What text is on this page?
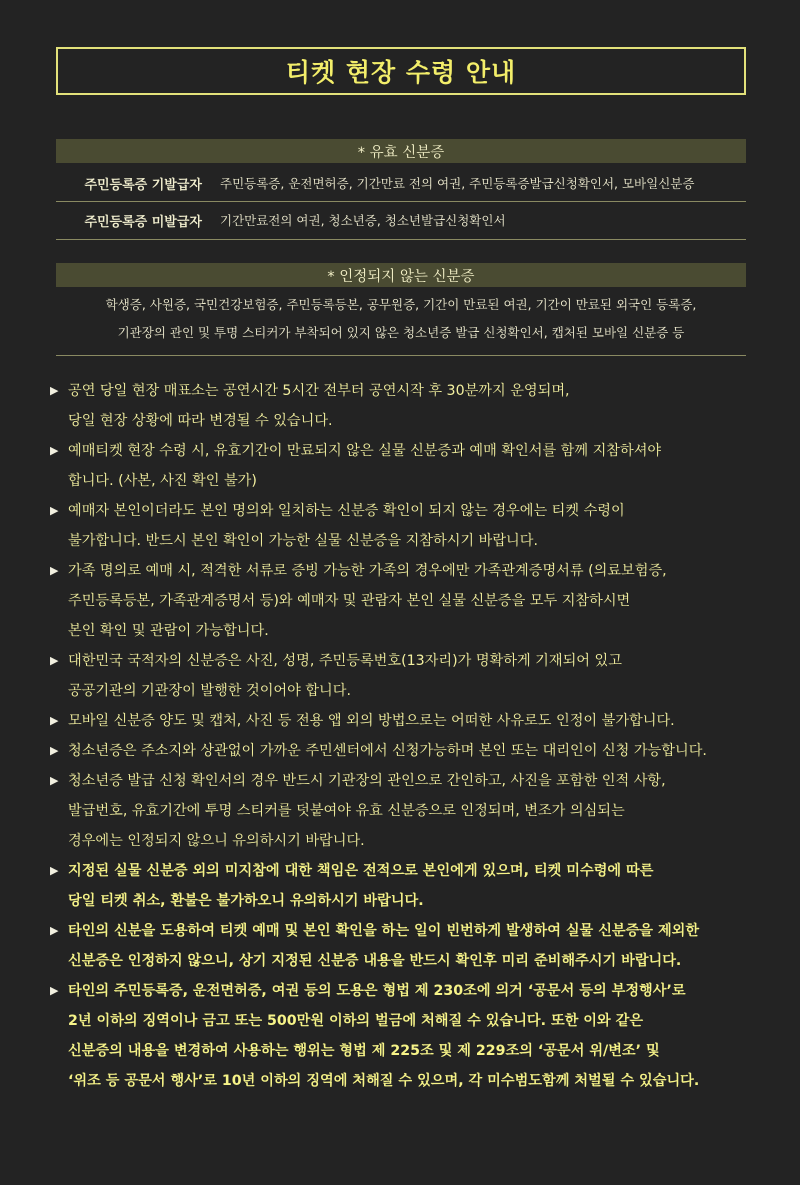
티켓 현장 수령 안내
* 유효 신분증
주민등록증 기발급자	주민등록증, 운전면허증, 기간만료 전의 여권, 주민등록증발급신청확인서, 모바일신분증
주민등록증 미발급자	기간만료전의 여권, 청소년증, 청소년발급신청확인서
* 인정되지 않는 신분증
학생증, 사원증, 국민건강보험증, 주민등록등본, 공무원증, 기간이 만료된 여권, 기간이 만료된 외국인 등록증,
기관장의 관인 및 투명 스티커가 부착되어 있지 않은 청소년증 발급 신청확인서, 캡처된 모바일 신분증 등
▶ 공연 당일 현장 매표소는 공연시간 5시간 전부터 공연시작 후 30분까지 운영되며,
당일 현장 상황에 따라 변경될 수 있습니다.
▶ 예매티켓 현장 수령 시, 유효기간이 만료되지 않은 실물 신분증과 예매 확인서를 함께 지참하셔야
합니다. (사본, 사진 확인 불가)
▶ 예매자 본인이더라도 본인 명의와 일치하는 신분증 확인이 되지 않는 경우에는 티켓 수령이
불가합니다. 반드시 본인 확인이 가능한 실물 신분증을 지참하시기 바랍니다.
▶ 가족 명의로 예매 시, 적격한 서류로 증빙 가능한 가족의 경우에만 가족관계증명서류 (의료보험증,
주민등록등본, 가족관계증명서 등)와 예매자 및 관람자 본인 실물 신분증을 모두 지참하시면
본인 확인 및 관람이 가능합니다.
▶ 대한민국 국적자의 신분증은 사진, 성명, 주민등록번호(13자리)가 명확하게 기재되어 있고
공공기관의 기관장이 발행한 것이어야 합니다.
▶ 모바일 신분증 양도 및 캡처, 사진 등 전용 앱 외의 방법으로는 어떠한 사유로도 인정이 불가합니다.
▶ 청소년증은 주소지와 상관없이 가까운 주민센터에서 신청가능하며 본인 또는 대리인이 신청 가능합니다.
▶ 청소년증 발급 신청 확인서의 경우 반드시 기관장의 관인으로 간인하고, 사진을 포함한 인적 사항,
발급번호, 유효기간에 투명 스티커를 덧붙여야 유효 신분증으로 인정되며, 변조가 의심되는
경우에는 인정되지 않으니 유의하시기 바랍니다.
▶ 지정된 실물 신분증 외의 미지참에 대한 책임은 전적으로 본인에게 있으며, 티켓 미수령에 따른
당일 티켓 취소, 환불은 불가하오니 유의하시기 바랍니다.
▶ 타인의 신분을 도용하여 티켓 예매 및 본인 확인을 하는 일이 빈번하게 발생하여 실물 신분증을 제외한
신분증은 인정하지 않으니, 상기 지정된 신분증 내용을 반드시 확인후 미리 준비해주시기 바랍니다.
▶ 타인의 주민등록증, 운전면허증, 여권 등의 도용은 형법 제 230조에 의거 ‘공문서 등의 부정행사’로
2년 이하의 징역이나 금고 또는 500만원 이하의 벌금에 처해질 수 있습니다. 또한 이와 같은
신분증의 내용을 변경하여 사용하는 행위는 형법 제 225조 및 제 229조의 ‘공문서 위/변조’ 및
‘위조 등 공문서 행사’로 10년 이하의 징역에 처해질 수 있으며, 각 미수범도함께 처벌될 수 있습니다.
